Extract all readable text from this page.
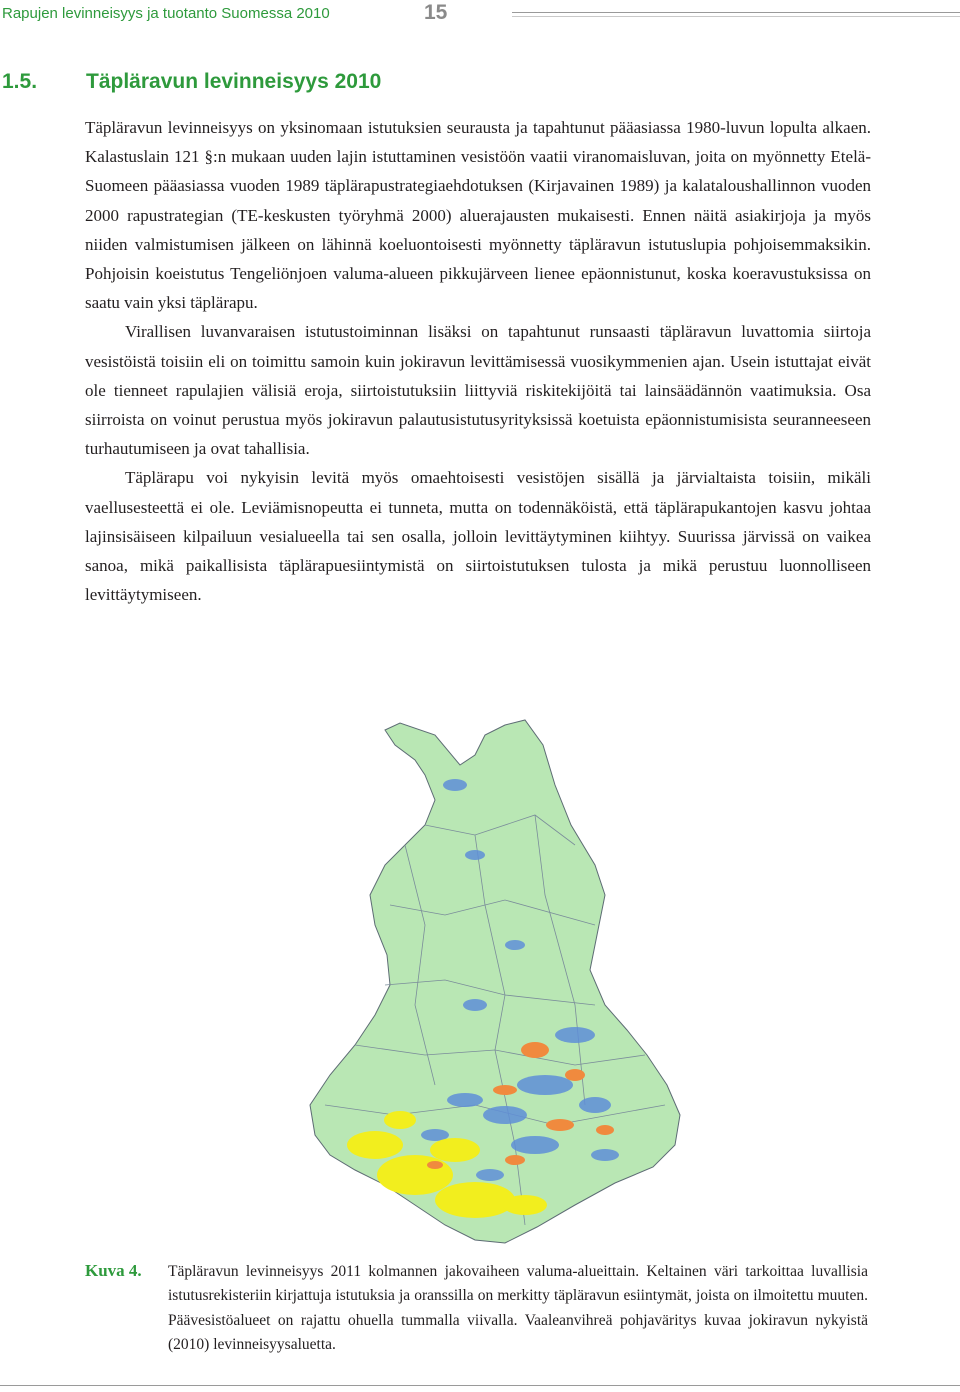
Rapujen levinneisyys ja tuotanto Suomessa 2010	15
1.5. Täpläravun levinneisyys 2010

Täpläravun levinneisyys on yksinomaan istutuksien seurausta ja tapahtunut pääasiassa 1980-luvun lopulta alkaen. Kalastuslain 121 §:n mukaan uuden lajin istuttaminen vesistöön vaatii viranomaisluvan, joita on myönnetty Etelä-Suomeen pääasiassa vuoden 1989 täplärapustrategiaehdotuksen (Kirjavainen 1989) ja kalataloushallinnon vuoden 2000 rapustrategian (TE-keskusten työryhmä 2000) aluerajausten mukaisesti. Ennen näitä asiakirjoja ja myös niiden valmistumisen jälkeen on lähinnä koeluontoisesti myönnetty täpläravun istutuslupia pohjoisemmaksikin. Pohjoisin koeistutus Tengeliönjoen valuma-alueen pikkujärveen lienee epäonnistunut, koska koeravustuksissa on saatu vain yksi täplärapu.

Virallisen luvanvaraisen istutustoiminnan lisäksi on tapahtunut runsaasti täpläravun luvattomia siirtoja vesistöistä toisiin eli on toimittu samoin kuin jokiravun levittämisessä vuosikymmenien ajan. Usein istuttajat eivät ole tienneet rapulajien välisiä eroja, siirtoistutuksiin liittyviä riskitekijöitä tai lainsäädännön vaatimuksia. Osa siirroista on voinut perustua myös jokiravun palautusistutusyrityksissä koetuista epäonnistumisista seuranneeseen turhautumiseen ja ovat tahallisia.

Täplärapu voi nykyisin levitä myös omaehtoisesti vesistöjen sisällä ja järvialtaista toisiin, mikäli vaellusesteettä ei ole. Leviämisnopeutta ei tunneta, mutta on todennäköistä, että täplärapukantojen kasvu johtaa lajinsisäiseen kilpailuun vesialueella tai sen osalla, jolloin levittäytyminen kiihtyy. Suurissa järvissä on vaikea sanoa, mikä paikallisista täplärapuesiintymistä on siirtoistutuksen tulosta ja mikä perustuu luonnolliseen levittäytymiseen.

Kuva 4. Täpläravun levinneisyys 2011 kolmannen jakovaiheen valuma-alueittain. Keltainen väri tarkoittaa luvallisia istutusrekisteriin kirjattuja istutuksia ja oranssilla on merkitty täpläravun esiintymät, joista on ilmoitettu muuten. Päävesistöalueet on rajattu ohuella tummalla viivalla. Vaaleanvihreä pohjaväritys kuvaa jokiravun nykyistä (2010) levinneisyysaluetta.
